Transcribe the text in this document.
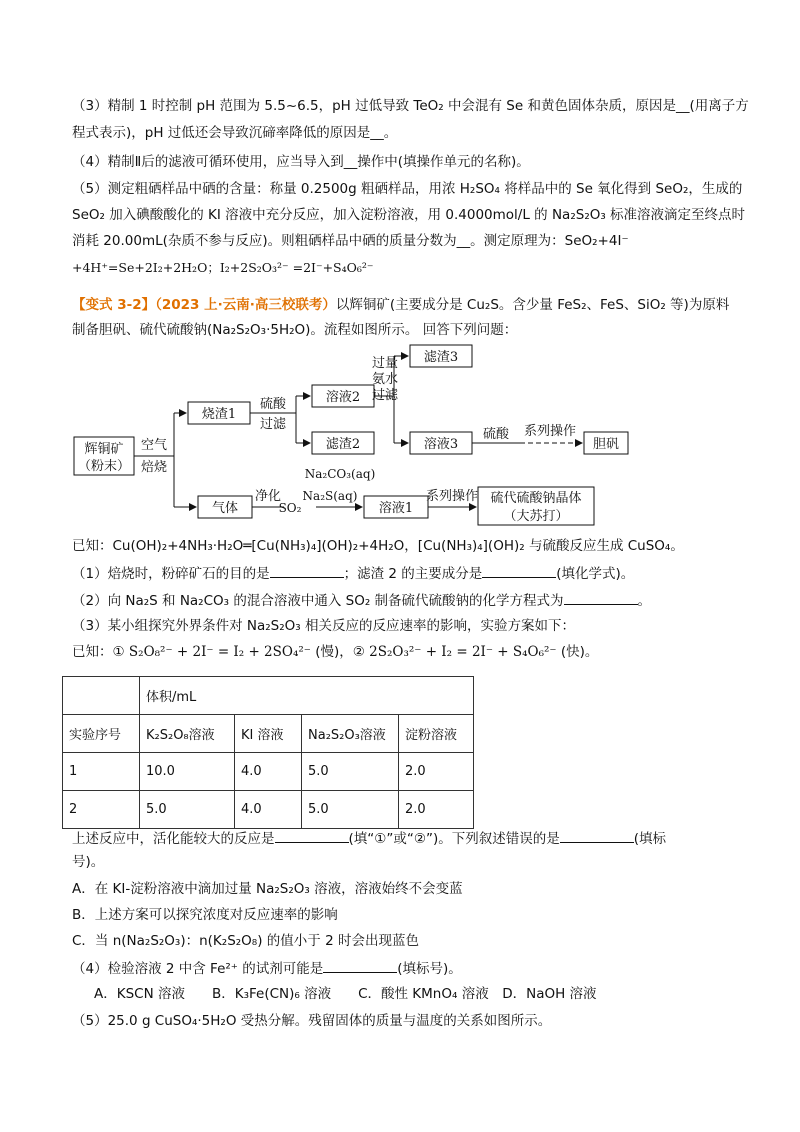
（3）精制 1 时控制 pH 范围为 5.5~6.5，pH 过低导致 TeO₂ 中会混有 Se 和黄色固体杂质，原因是__(用离子方
程式表示)，pH 过低还会导致沉碲率降低的原因是__。
（4）精制Ⅱ后的滤液可循环使用，应当导入到__操作中(填操作单元的名称)。
（5）测定粗硒样品中硒的含量：称量 0.2500g 粗硒样品，用浓 H₂SO₄ 将样品中的 Se 氧化得到 SeO₂，生成的
SeO₂ 加入碘酸酸化的 KI 溶液中充分反应，加入淀粉溶液，用 0.4000mol/L 的 Na₂S₂O₃ 标准溶液滴定至终点时
消耗 20.00mL(杂质不参与反应)。则粗硒样品中硒的质量分数为__。测定原理为：SeO₂+4I⁻
+4H⁺=Se+2I₂+2H₂O；I₂+2S₂O₃²⁻ =2I⁻+S₄O₆²⁻
【变式 3-2】（2023 上·云南·高三校联考）以辉铜矿(主要成分是 Cu₂S。含少量 FeS₂、FeS、SiO₂ 等)为原料
制备胆矾、硫代硫酸钠(Na₂S₂O₃·5H₂O)。流程如图所示。 回答下列问题：
辉铜矿
（粉末）
空气
焙烧
烧渣1
硫酸
过滤
溶液2
滤渣2
过量
氨水
过滤
滤渣3
溶液3
硫酸 系列操作
胆矾
气体
净化
SO₂
Na₂CO₃(aq)
Na₂S(aq)
溶液1
系列操作 硫代硫酸钠晶体
（大苏打）
已知：Cu(OH)₂+4NH₃·H₂O═[Cu(NH₃)₄](OH)₂+4H₂O，[Cu(NH₃)₄](OH)₂ 与硫酸反应生成 CuSO₄。
（1）焙烧时，粉碎矿石的目的是	；滤渣 2 的主要成分是	(填化学式)。
（2）向 Na₂S 和 Na₂CO₃ 的混合溶液中通入 SO₂ 制备硫代硫酸钠的化学方程式为	。
（3）某小组探究外界条件对 Na₂S₂O₃ 相关反应的反应速率的影响，实验方案如下：
已知：① S₂O₈²⁻ + 2I⁻ = I₂ + 2SO₄²⁻ (慢)，② 2S₂O₃²⁻ + I₂ = 2I⁻ + S₄O₆²⁻ (快)。
	体积/mL			
实验序号	K₂S₂O₈溶液	KI 溶液	Na₂S₂O₃溶液	淀粉溶液
1	10.0	4.0	5.0	2.0
2	5.0	4.0	5.0	2.0
上述反应中，活化能较大的反应是	(填“①”或“②”)。下列叙述错误的是	(填标
号)。
A．在 KI-淀粉溶液中滴加过量 Na₂S₂O₃ 溶液，溶液始终不会变蓝
B．上述方案可以探究浓度对反应速率的影响
C．当 n(Na₂S₂O₃)：n(K₂S₂O₈) 的值小于 2 时会出现蓝色
（4）检验溶液 2 中含 Fe²⁺ 的试剂可能是	(填标号)。
A．KSCN 溶液　　B．K₃Fe(CN)₆ 溶液　　C．酸性 KMnO₄ 溶液　D．NaOH 溶液
（5）25.0 g CuSO₄·5H₂O 受热分解。残留固体的质量与温度的关系如图所示。
